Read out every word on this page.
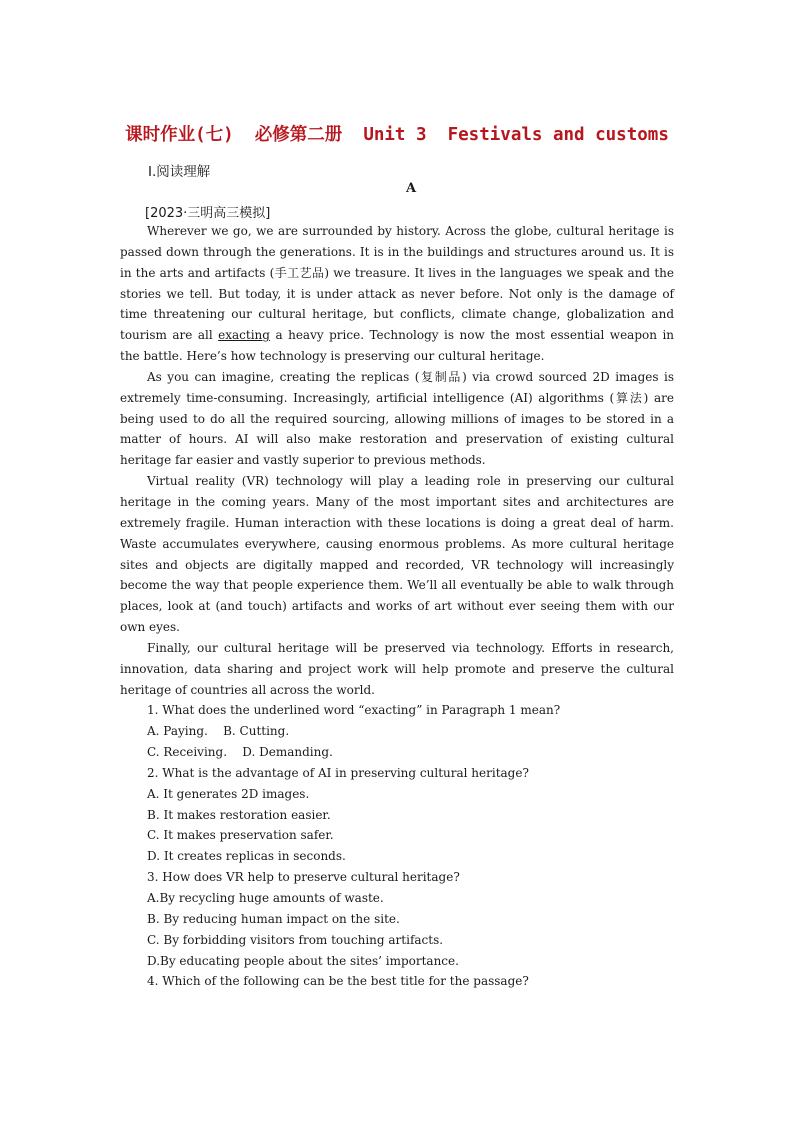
课时作业(七)  必修第二册  Unit 3  Festivals and customs
Ⅰ.阅读理解
A
[2023·三明高三模拟]

Wherever we go, we are surrounded by history. Across the globe, cultural heritage is passed down through the generations. It is in the buildings and structures around us. It is in the arts and artifacts (手工艺品) we treasure. It lives in the languages we speak and the stories we tell. But today, it is under attack as never before. Not only is the damage of time threatening our cultural heritage, but conflicts, climate change, globalization and tourism are all exacting a heavy price. Technology is now the most essential weapon in the battle. Here’s how technology is preserving our cultural heritage.

As you can imagine, creating the replicas (复制品) via crowd sourced 2D images is extremely time-consuming. Increasingly, artificial intelligence (AI) algorithms (算法) are being used to do all the required sourcing, allowing millions of images to be stored in a matter of hours. AI will also make restoration and preservation of existing cultural heritage far easier and vastly superior to previous methods.

Virtual reality (VR) technology will play a leading role in preserving our cultural heritage in the coming years. Many of the most important sites and architectures are extremely fragile. Human interaction with these locations is doing a great deal of harm. Waste accumulates everywhere, causing enormous problems. As more cultural heritage sites and objects are digitally mapped and recorded, VR technology will increasingly become the way that people experience them. We’ll all eventually be able to walk through places, look at (and touch) artifacts and works of art without ever seeing them with our own eyes.

Finally, our cultural heritage will be preserved via technology. Efforts in research, innovation, data sharing and project work will help promote and preserve the cultural heritage of countries all across the world.

1. What does the underlined word “exacting” in Paragraph 1 mean?

A. Paying.    B. Cutting.

C. Receiving.    D. Demanding.

2. What is the advantage of AI in preserving cultural heritage?

A. It generates 2D images.

B. It makes restoration easier.

C. It makes preservation safer.

D. It creates replicas in seconds.

3. How does VR help to preserve cultural heritage?

A.By recycling huge amounts of waste.

B. By reducing human impact on the site.

C. By forbidding visitors from touching artifacts.

D.By educating people about the sites’ importance.

4. Which of the following can be the best title for the passage?
